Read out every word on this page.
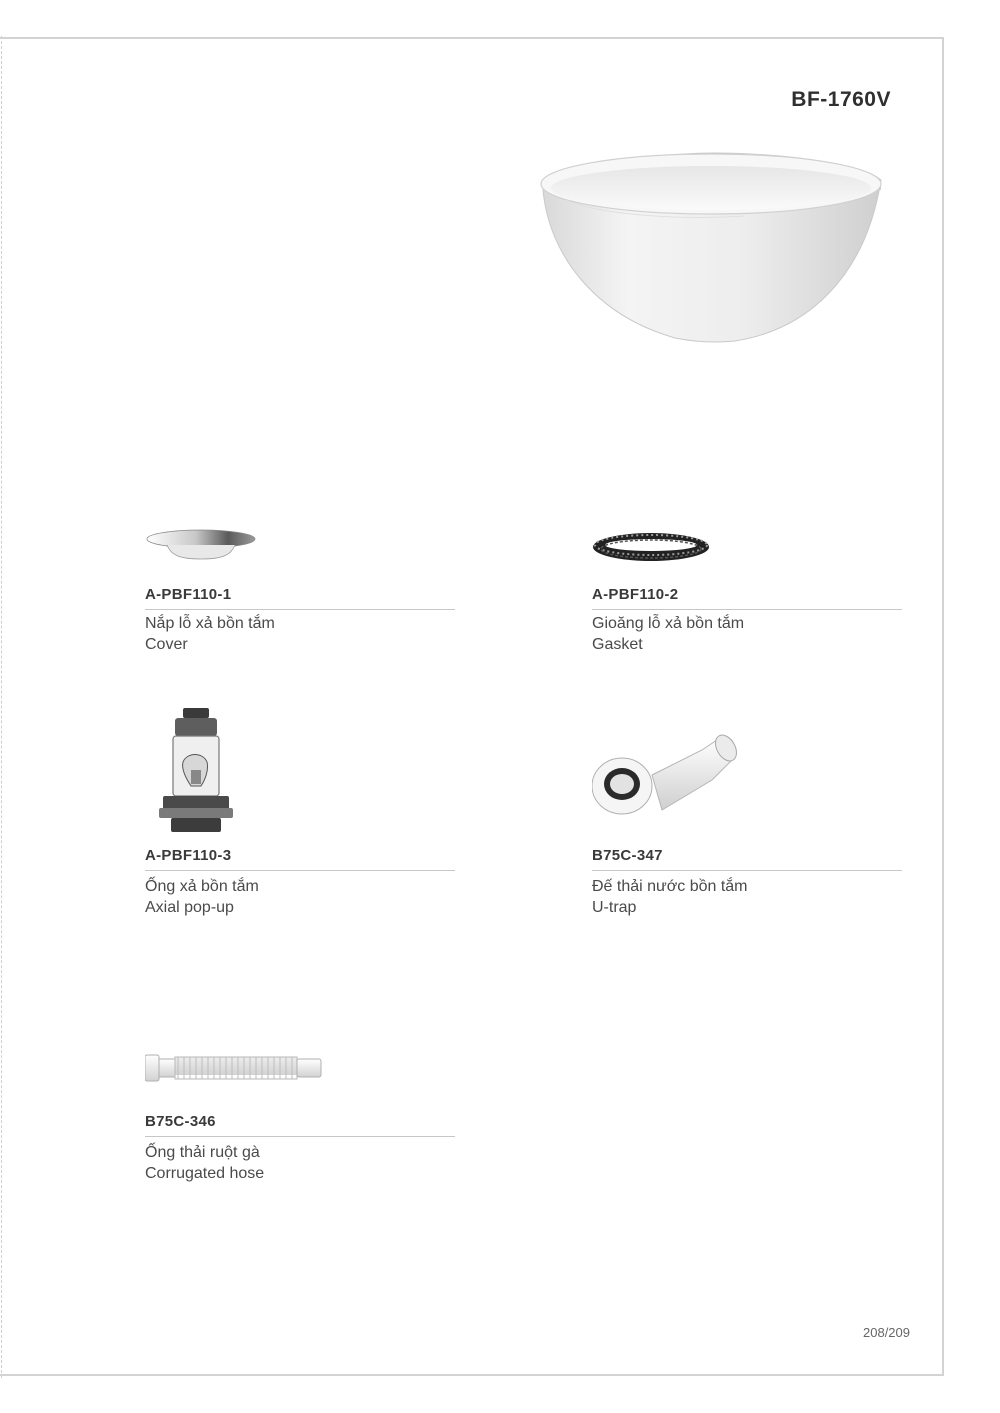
BF-1760V
A-PBF110-1
Nắp lỗ xả bồn tắm
Cover
A-PBF110-2
Gioăng lỗ xả bồn tắm
Gasket
A-PBF110-3
Ống xả bồn tắm
Axial pop-up
B75C-347
Đế thải nước bồn tắm
U-trap
B75C-346
Ống thải ruột gà
Corrugated hose
208/209
